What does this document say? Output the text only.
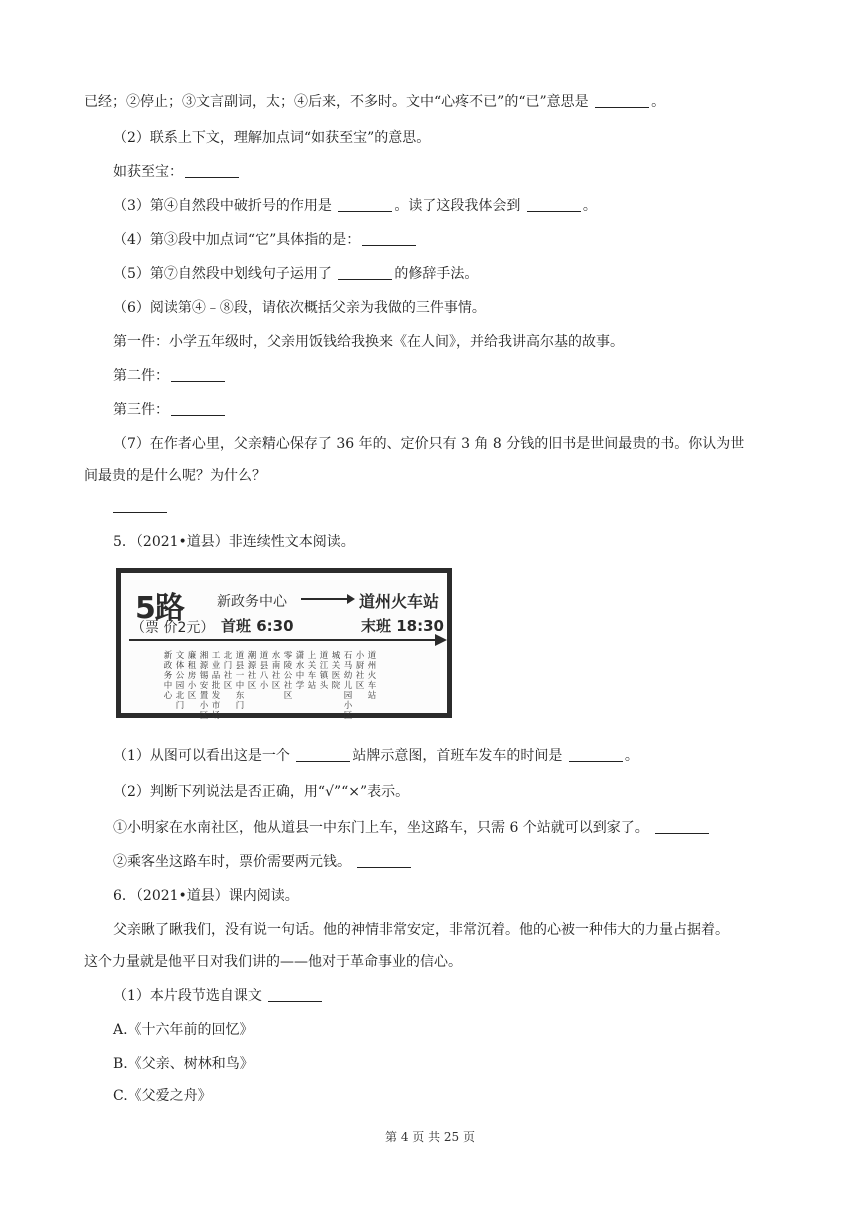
已经；②停止；③文言副词，太；④后来，不多时。文中“心疼不已”的“已”意思是	。
（2）联系上下文，理解加点词“如获至宝”的意思。
如获至宝：
（3）第④自然段中破折号的作用是	。读了这段我体会到	。
（4）第③段中加点词“它”具体指的是：
（5）第⑦自然段中划线句子运用了	的修辞手法。
（6）阅读第④﹣⑧段，请依次概括父亲为我做的三件事情。
第一件：小学五年级时，父亲用饭钱给我换来《在人间》，并给我讲高尔基的故事。
第二件：
第三件：
（7）在作者心里，父亲精心保存了 36 年的、定价只有 3 角 8 分钱的旧书是世间最贵的书。你认为世
间最贵的是什么呢？为什么？
5．（2021•道县）非连续性文本阅读。
（1）从图可以看出这是一个	站牌示意图，首班车发车的时间是	。
（2）判断下列说法是否正确，用“√”“×”表示。
①小明家在水南社区，他从道县一中东门上车，坐这路车，只需 6 个站就可以到家了。
②乘客坐这路车时，票价需要两元钱。
6．（2021•道县）课内阅读。
父亲瞅了瞅我们，没有说一句话。他的神情非常安定，非常沉着。他的心被一种伟大的力量占据着。
这个力量就是他平日对我们讲的——他对于革命事业的信心。
（1）本片段节选自课文
A.《十六年前的回忆》
B.《父亲、树林和鸟》
C.《父爱之舟》
5路
（票 价2元）
新政务中心	道州火车站
首班 6:30	末班 18:30
新
政
务
中
心
文
体
公
园
北
门
廉
租
房
小
区
湘
源
锡
安
置
小
区
工
业
品
批
发
市
场
北
门
社
区
道
县
一
中
东
门
潮
源
社
区
道
县
八
小
水
南
社
区
零
陵
公
社
区
潇
水
中
学
上
关
车
站
道
江
镇
头
城
关
医
院
石
马
幼
儿
园
小
区
小
厨
社
区
道
州
火
车
站
第 4 页 共 25 页
